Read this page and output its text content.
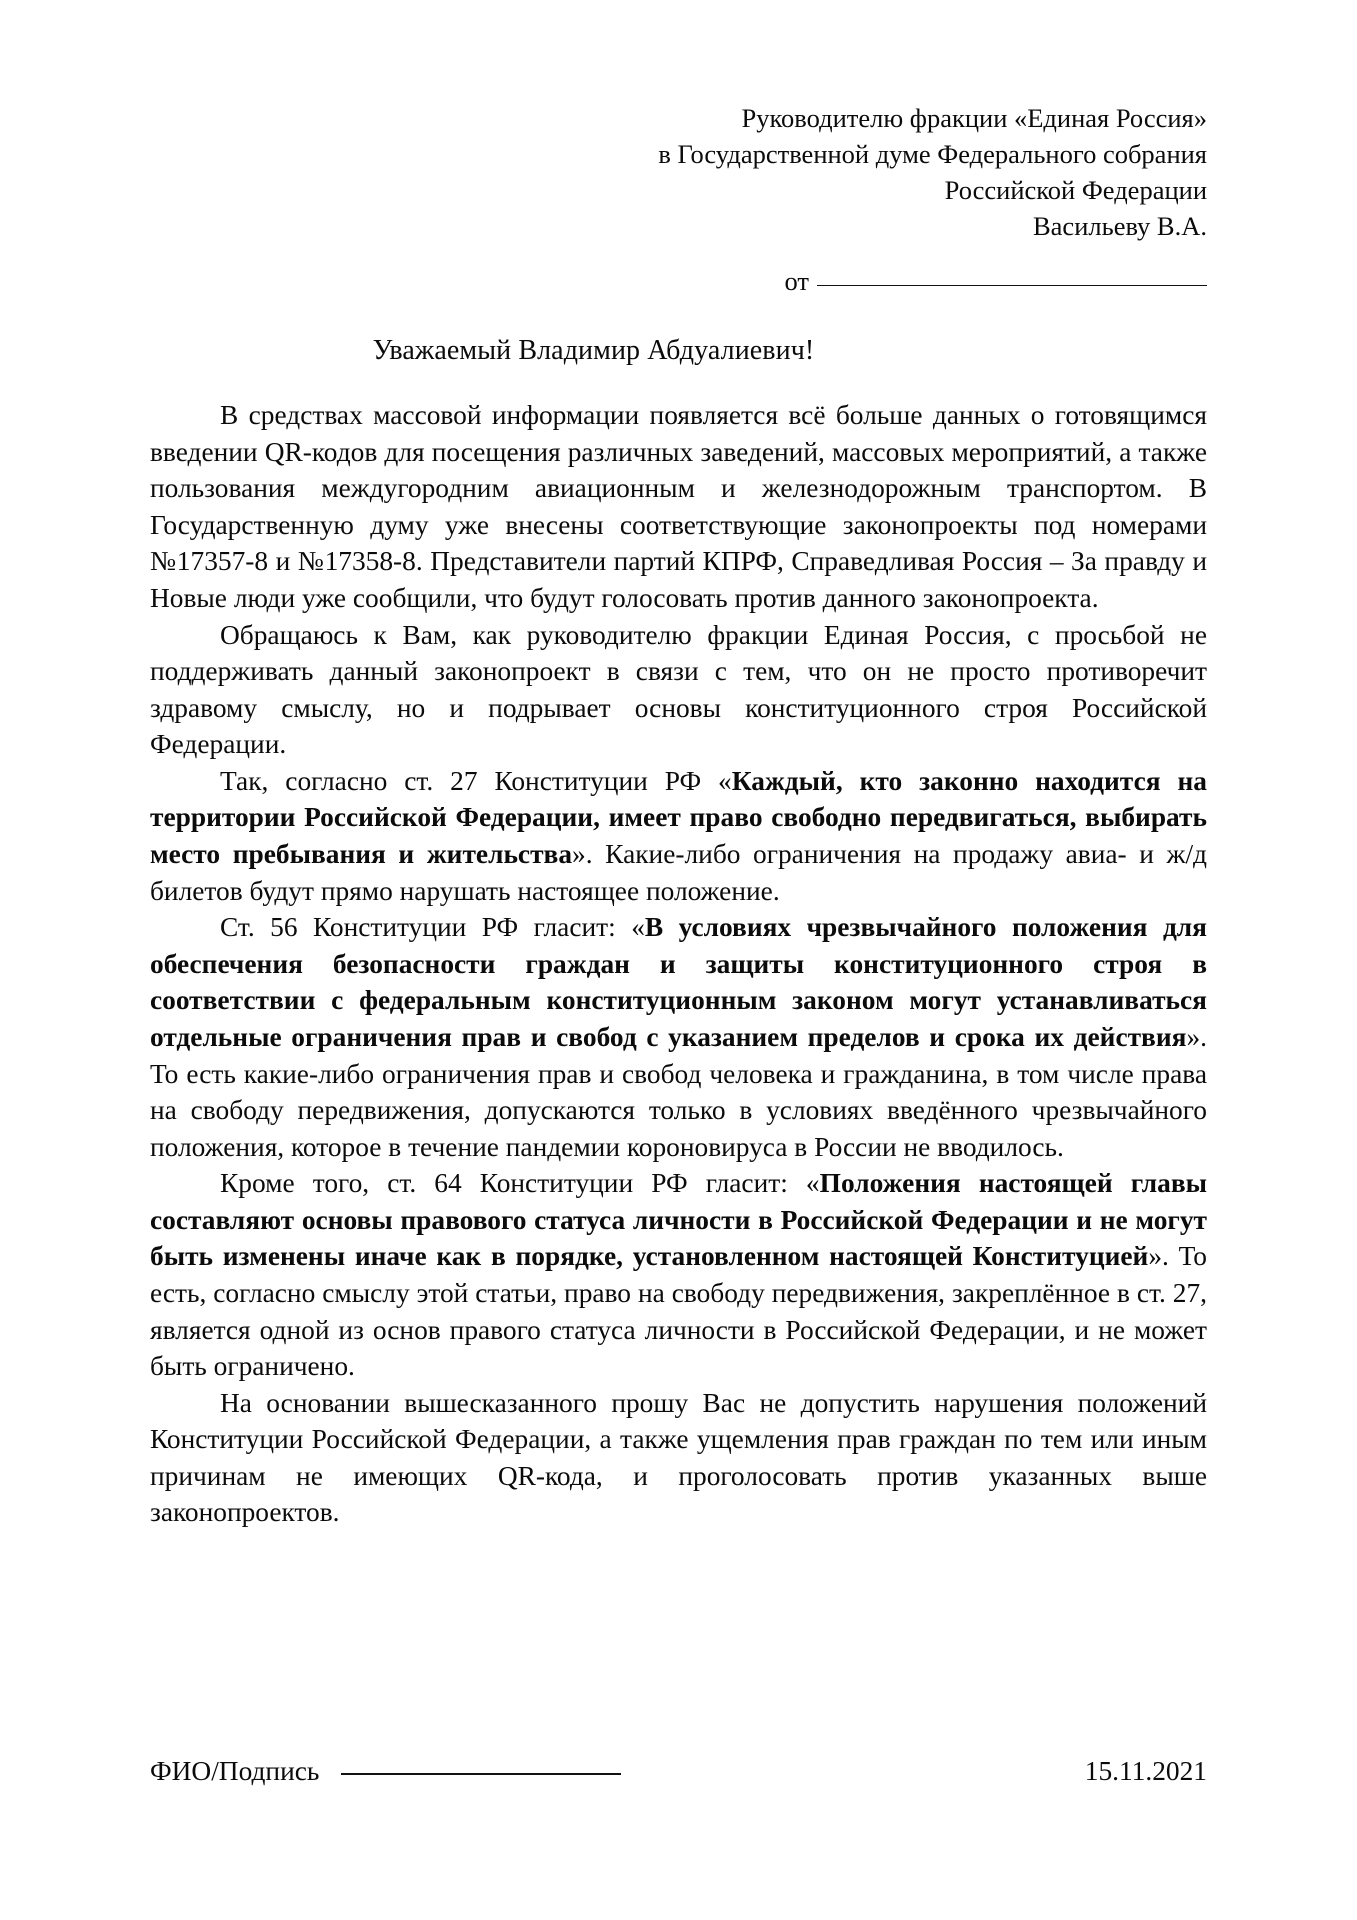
Руководителю фракции «Единая Россия»
в Государственной думе Федерального собрания
Российской Федерации
Васильеву В.А.
от
Уважаемый Владимир Абдуалиевич!

В средствах массовой информации появляется всё больше данных о готовящимся введении QR-кодов для посещения различных заведений, массовых мероприятий, а также пользования междугородним авиационным и железнодорожным транспортом. В Государственную думу уже внесены соответствующие законопроекты под номерами №17357-8 и №17358-8. Представители партий КПРФ, Справедливая Россия – За правду и Новые люди уже сообщили, что будут голосовать против данного законопроекта.

Обращаюсь к Вам, как руководителю фракции Единая Россия, с просьбой не поддерживать данный законопроект в связи с тем, что он не просто противоречит здравому смыслу, но и подрывает основы конституционного строя Российской Федерации.

Так, согласно ст. 27 Конституции РФ «Каждый, кто законно находится на территории Российской Федерации, имеет право свободно передвигаться, выбирать место пребывания и жительства». Какие-либо ограничения на продажу авиа- и ж/д билетов будут прямо нарушать настоящее положение.

Ст. 56 Конституции РФ гласит: «В условиях чрезвычайного положения для обеспечения безопасности граждан и защиты конституционного строя в соответствии с федеральным конституционным законом могут устанавливаться отдельные ограничения прав и свобод с указанием пределов и срока их действия». То есть какие-либо ограничения прав и свобод человека и гражданина, в том числе права на свободу передвижения, допускаются только в условиях введённого чрезвычайного положения, которое в течение пандемии короновируса в России не вводилось.

Кроме того, ст. 64 Конституции РФ гласит: «Положения настоящей главы составляют основы правового статуса личности в Российской Федерации и не могут быть изменены иначе как в порядке, установленном настоящей Конституцией». То есть, согласно смыслу этой статьи, право на свободу передвижения, закреплённое в ст. 27, является одной из основ правого статуса личности в Российской Федерации, и не может быть ограничено.

На основании вышесказанного прошу Вас не допустить нарушения положений Конституции Российской Федерации, а также ущемления прав граждан по тем или иным причинам не имеющих QR-кода, и проголосовать против указанных выше законопроектов.

ФИО/Подпись	15.11.2021
